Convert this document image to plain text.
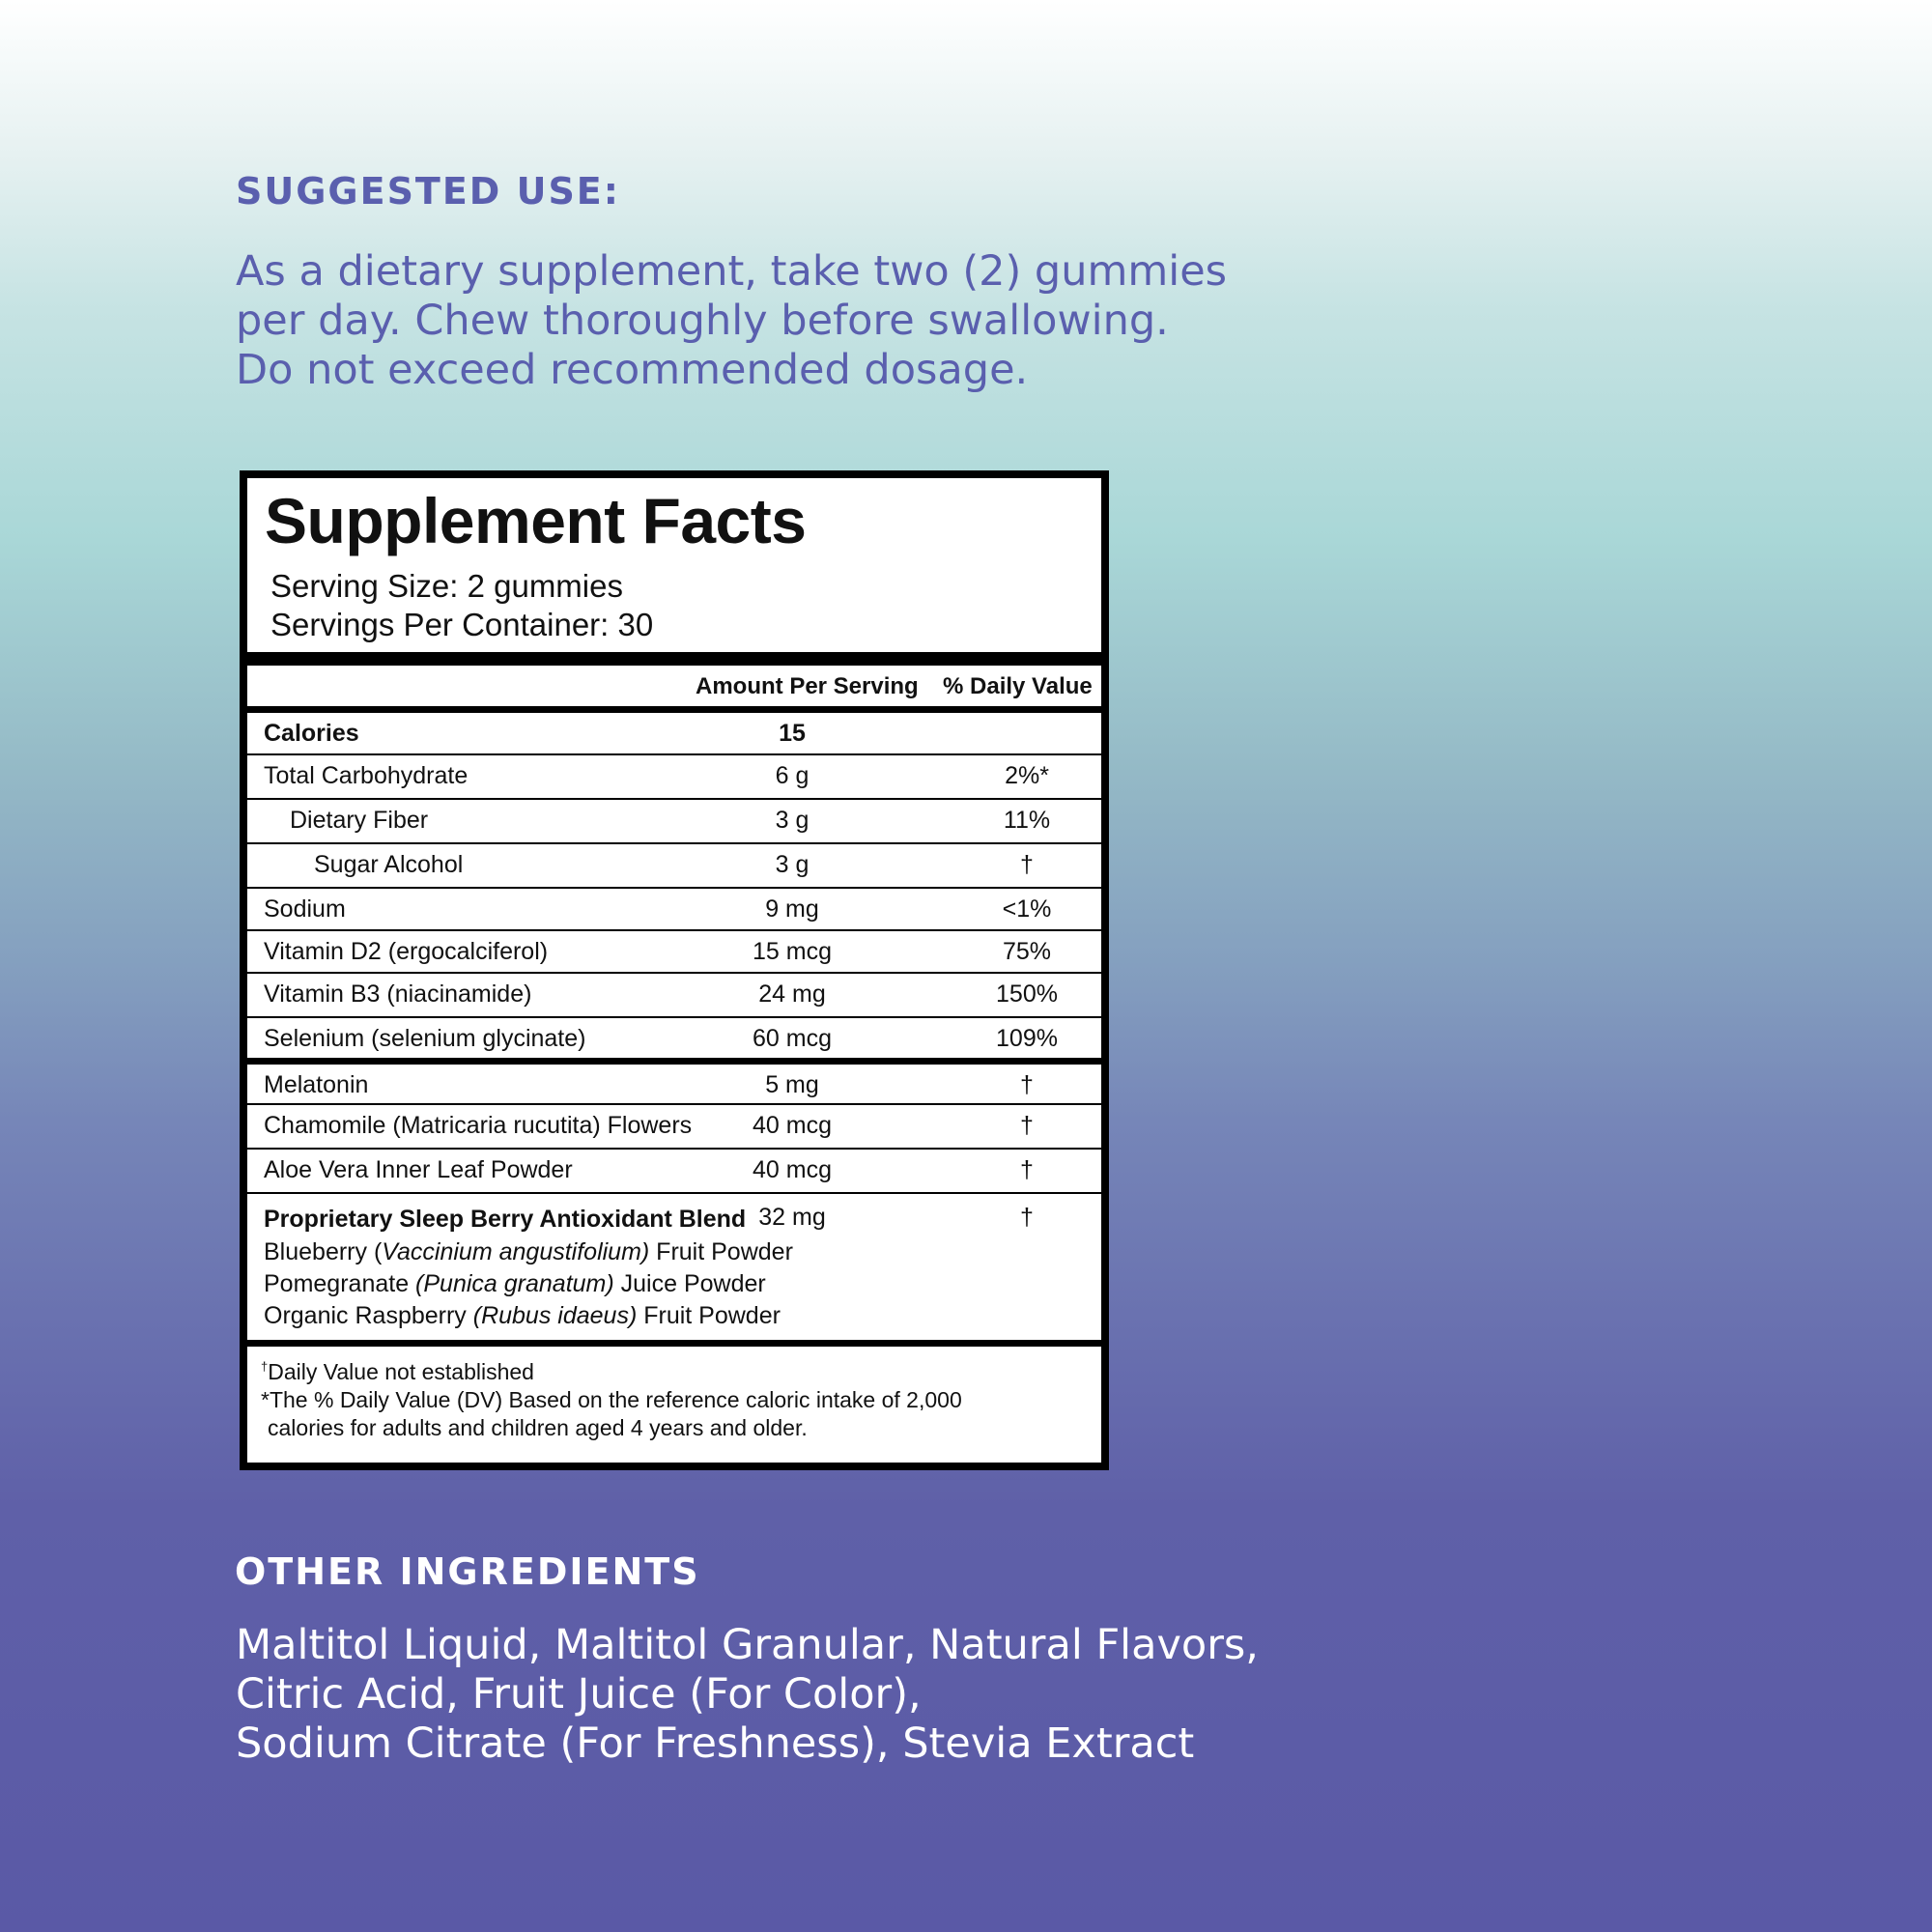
SUGGESTED USE:
As a dietary supplement, take two (2) gummies
per day. Chew thoroughly before swallowing.
Do not exceed recommended dosage.
Supplement Facts
Serving Size: 2 gummies
Servings Per Container: 30
Amount Per Serving % Daily Value
Calories	15
Total Carbohydrate	6 g	2%*
Dietary Fiber	3 g	11%
Sugar Alcohol	3 g	†
Sodium	9 mg	<1%
Vitamin D2 (ergocalciferol)	15 mcg	75%
Vitamin B3 (niacinamide)	24 mg	150%
Selenium (selenium glycinate)	60 mcg	109%
Melatonin	5 mg	†
Chamomile (Matricaria rucutita) Flowers	40 mcg	†
Aloe Vera Inner Leaf Powder	40 mcg	†
Proprietary Sleep Berry Antioxidant Blend 32 mg	†
Blueberry (Vaccinium angustifolium) Fruit Powder
Pomegranate (Punica granatum) Juice Powder
Organic Raspberry (Rubus idaeus) Fruit Powder
†Daily Value not established
*The % Daily Value (DV) Based on the reference caloric intake of 2,000
calories for adults and children aged 4 years and older.
OTHER INGREDIENTS
Maltitol Liquid, Maltitol Granular, Natural Flavors,
Citric Acid, Fruit Juice (For Color),
Sodium Citrate (For Freshness), Stevia Extract
